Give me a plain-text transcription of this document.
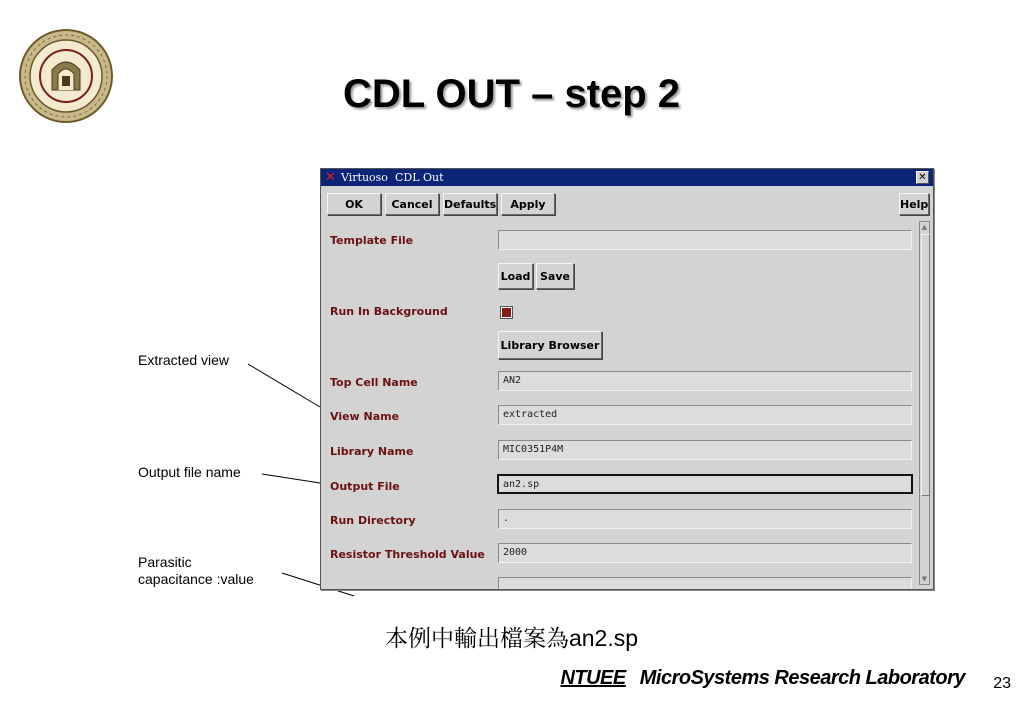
CDL OUT – step 2
Extracted view
Output file name
Parasitic
capacitance :value
✕ Virtuoso CDL Out	✕
OK	Cancel	Defaults	Apply	Help
Template File
Load Save
Run In Background
Library Browser
Top Cell Name	AN2
View Name	extracted
Library Name	MIC0351P4M
Output File	an2.sp
Run Directory	.
Resistor Threshold Value	2000
▲
▼
本例中輸出檔案為an2.sp
NTUEE MicroSystems Research Laboratory 23
